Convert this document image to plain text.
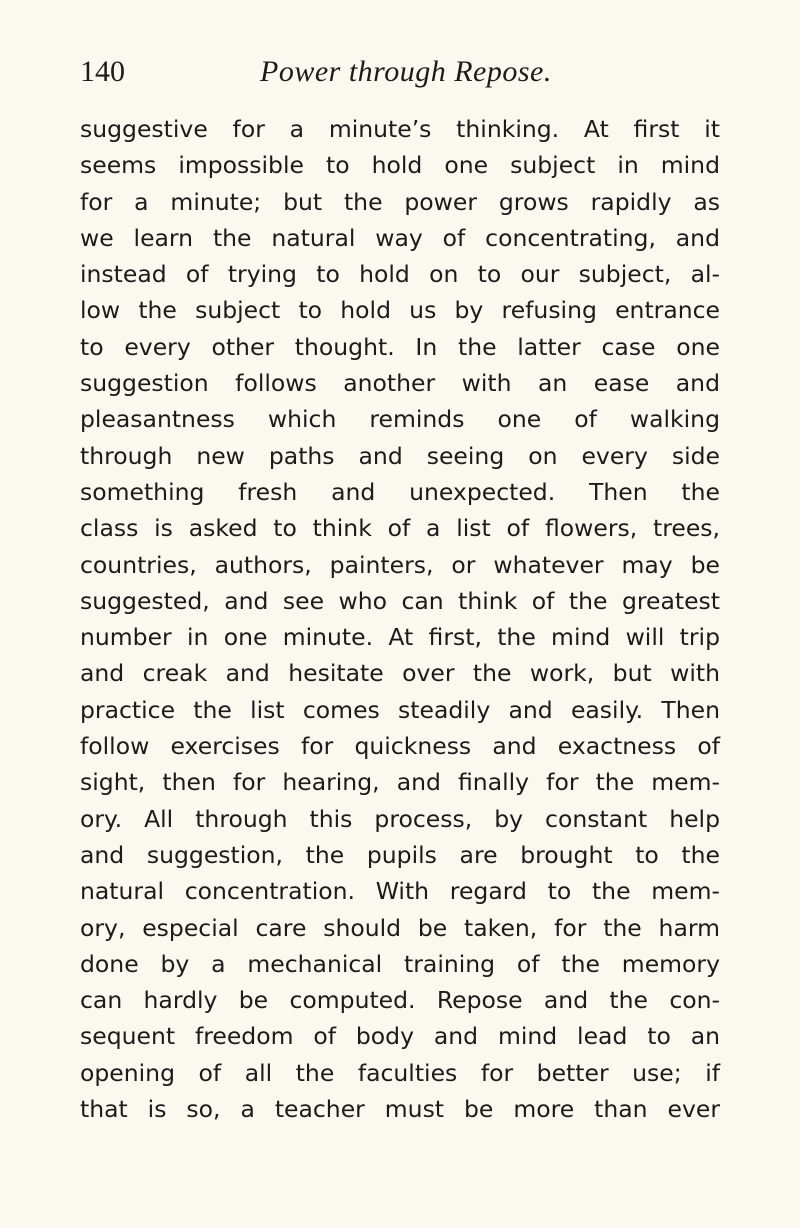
140	Power through Repose.
suggestive for a minute’s thinking. At first it
seems impossible to hold one subject in mind
for a minute; but the power grows rapidly as
we learn the natural way of concentrating, and
instead of trying to hold on to our subject, al-
low the subject to hold us by refusing entrance
to every other thought. In the latter case one
suggestion follows another with an ease and
pleasantness which reminds one of walking
through new paths and seeing on every side
something fresh and unexpected. Then the
class is asked to think of a list of flowers, trees,
countries, authors, painters, or whatever may be
suggested, and see who can think of the greatest
number in one minute. At first, the mind will trip
and creak and hesitate over the work, but with
practice the list comes steadily and easily. Then
follow exercises for quickness and exactness of
sight, then for hearing, and finally for the mem-
ory. All through this process, by constant help
and suggestion, the pupils are brought to the
natural concentration. With regard to the mem-
ory, especial care should be taken, for the harm
done by a mechanical training of the memory
can hardly be computed. Repose and the con-
sequent freedom of body and mind lead to an
opening of all the faculties for better use; if
that is so, a teacher must be more than ever
